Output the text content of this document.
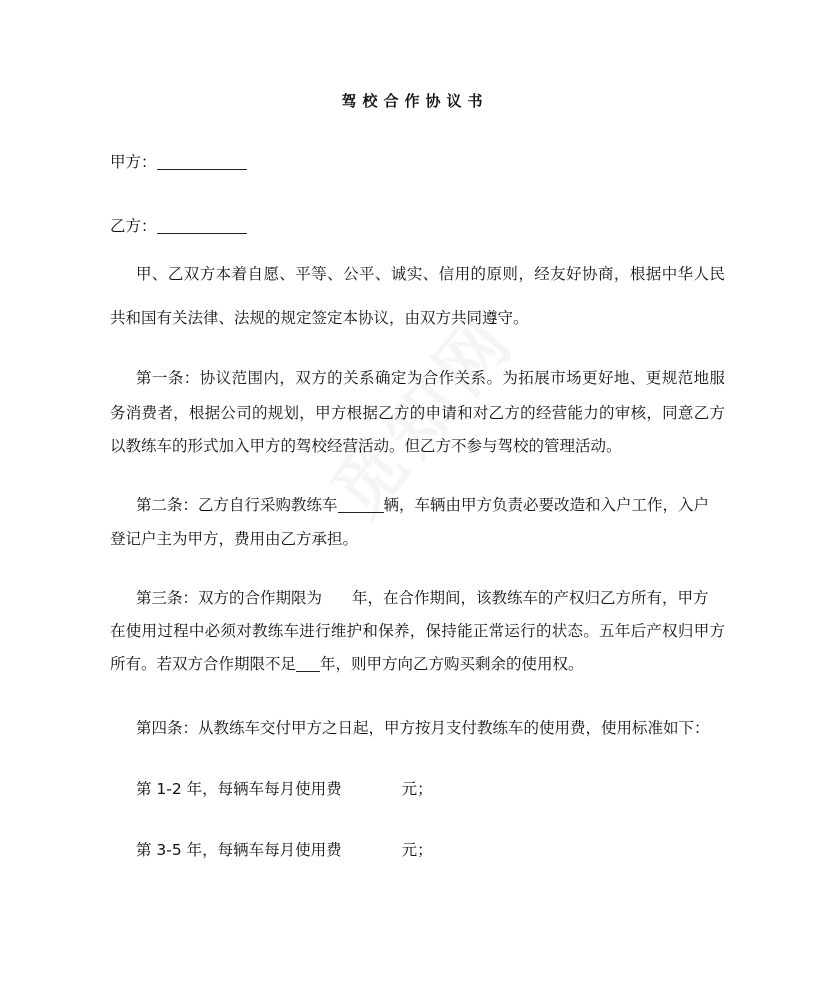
驾校合作协议书
甲方：
乙方：
甲、乙双方本着自愿、平等、公平、诚实、信用的原则，经友好协商，根据中华人民
共和国有关法律、法规的规定签定本协议，由双方共同遵守。
第一条：协议范围内，双方的关系确定为合作关系。为拓展市场更好地、更规范地服
务消费者，根据公司的规划，甲方根据乙方的申请和对乙方的经营能力的审核，同意乙方
以教练车的形式加入甲方的驾校经营活动。但乙方不参与驾校的管理活动。
第二条：乙方自行采购教练车	辆，车辆由甲方负责必要改造和入户工作，入户
登记户主为甲方，费用由乙方承担。
第三条：双方的合作期限为 年，在合作期间，该教练车的产权归乙方所有，甲方
在使用过程中必须对教练车进行维护和保养，保持能正常运行的状态。五年后产权归甲方
所有。若双方合作期限不足 年，则甲方向乙方购买剩余的使用权。
第四条：从教练车交付甲方之日起，甲方按月支付教练车的使用费，使用标准如下：
第 1-2 年，每辆车每月使用费	元；
第 3-5 年，每辆车每月使用费	元；
